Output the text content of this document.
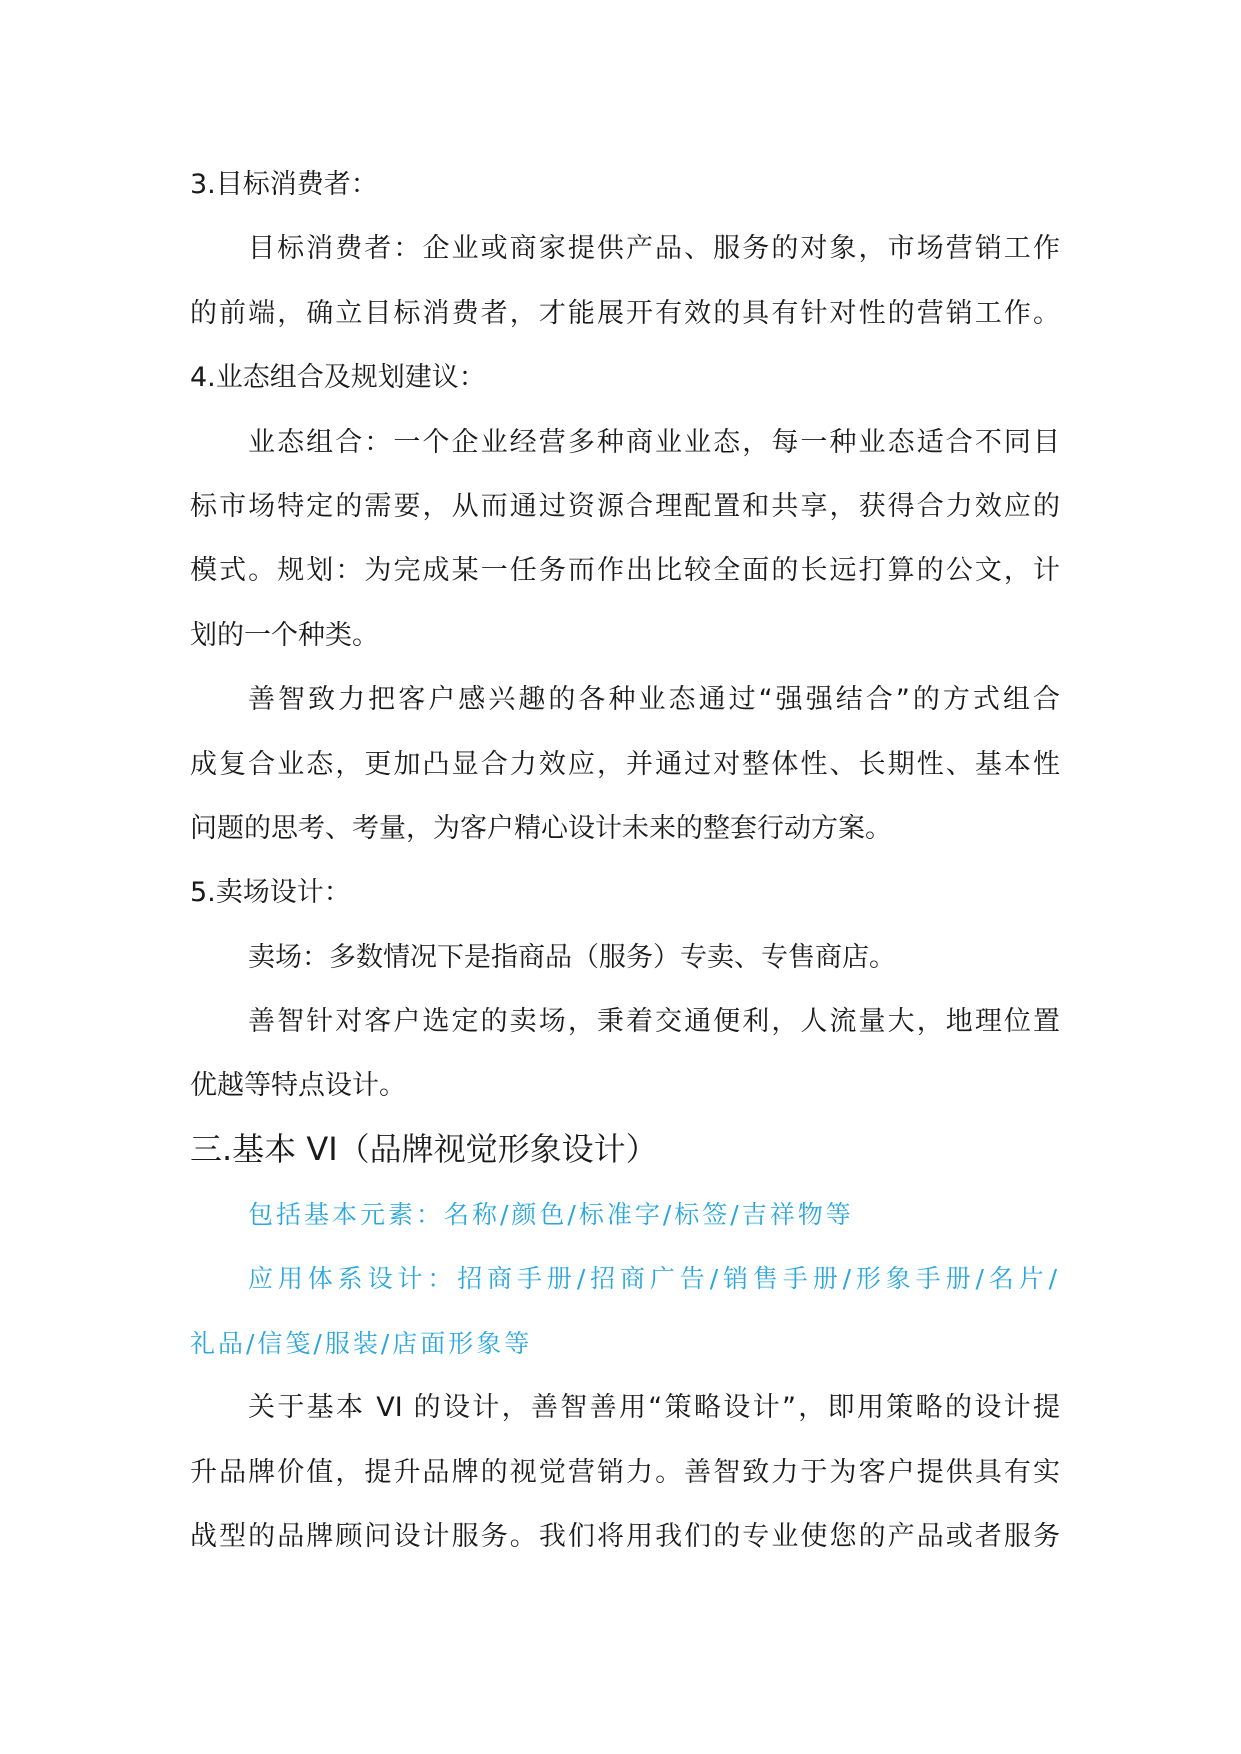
3.目标消费者：
目标消费者：企业或商家提供产品、服务的对象，市场营销工作
的前端，确立目标消费者，才能展开有效的具有针对性的营销工作。
4.业态组合及规划建议：
业态组合：一个企业经营多种商业业态，每一种业态适合不同目
标市场特定的需要，从而通过资源合理配置和共享，获得合力效应的
模式。规划：为完成某一任务而作出比较全面的长远打算的公文，计
划的一个种类。
善智致力把客户感兴趣的各种业态通过“强强结合”的方式组合
成复合业态，更加凸显合力效应，并通过对整体性、长期性、基本性
问题的思考、考量，为客户精心设计未来的整套行动方案。
5.卖场设计：
卖场：多数情况下是指商品（服务）专卖、专售商店。
善智针对客户选定的卖场，秉着交通便利，人流量大，地理位置
优越等特点设计。
三.基本 VI（品牌视觉形象设计）
包括基本元素：名称/颜色/标准字/标签/吉祥物等
应用体系设计：招商手册/招商广告/销售手册/形象手册/名片/
礼品/信笺/服装/店面形象等
关于基本 VI 的设计，善智善用“策略设计”，即用策略的设计提
升品牌价值，提升品牌的视觉营销力。善智致力于为客户提供具有实
战型的品牌顾问设计服务。我们将用我们的专业使您的产品或者服务
